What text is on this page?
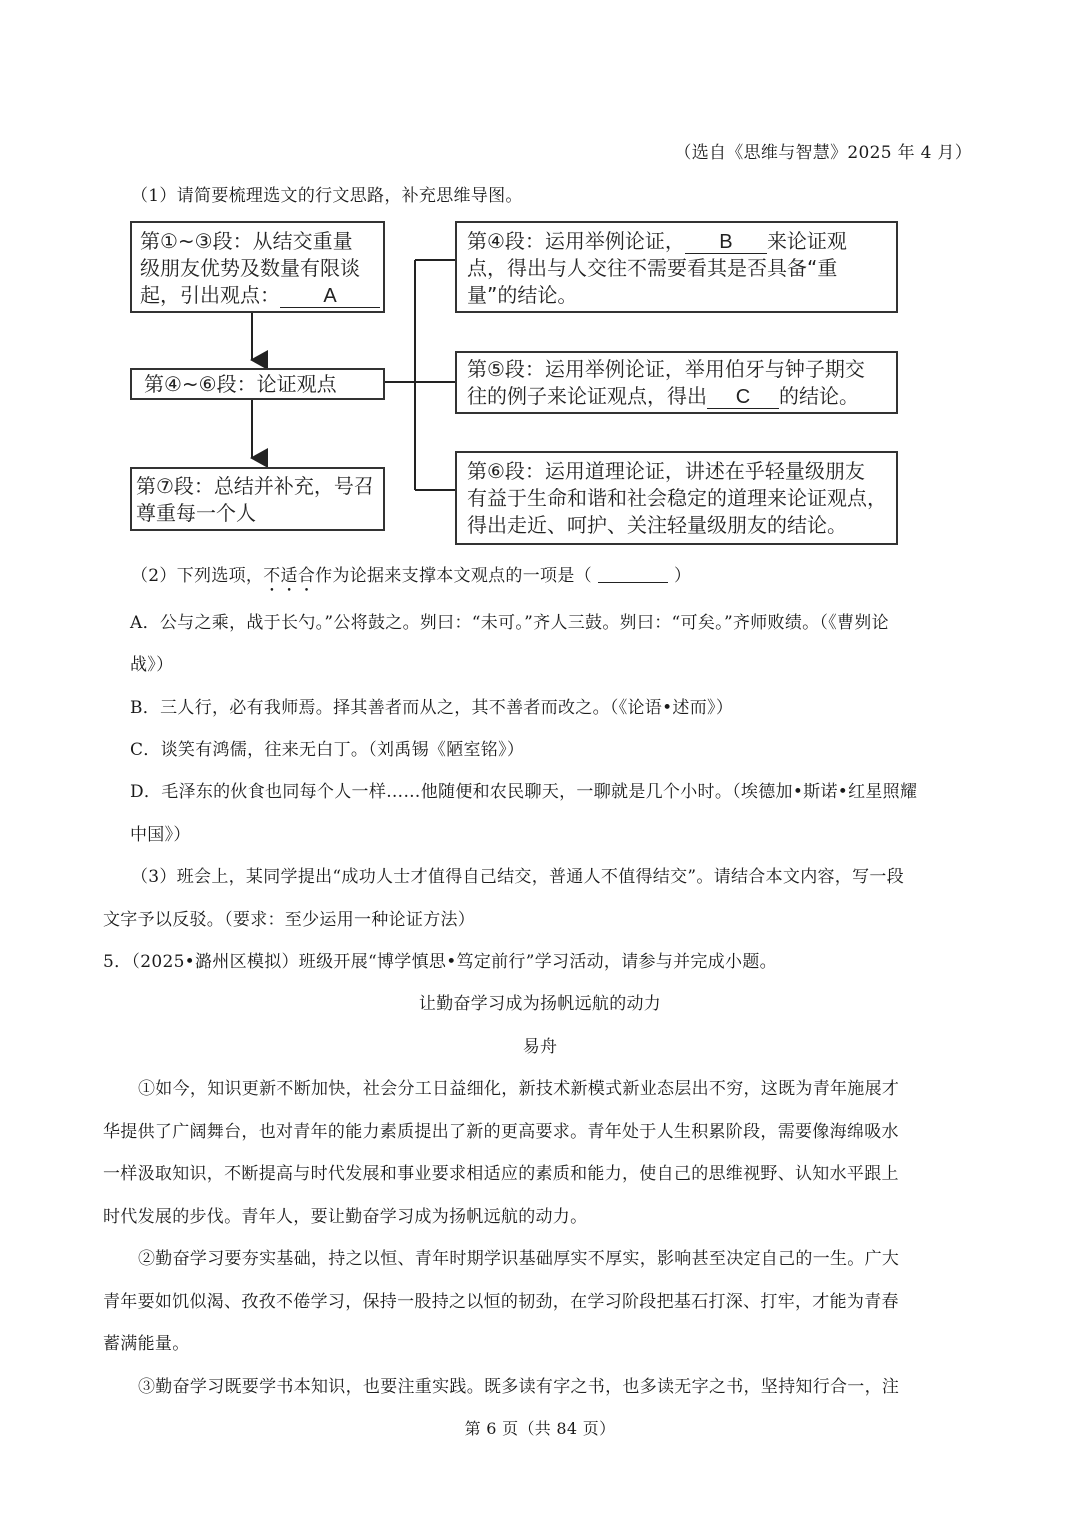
（选自《思维与智慧》2025 年 4 月）
（1）请简要梳理选文的行文思路，补充思维导图。
第①~③段：从结交重量
级朋友优势及数量有限谈
起，引出观点： A
第④~⑥段：论证观点
第⑦段：总结并补充，号召
尊重每一个人
第④段：运用举例论证， B 来论证观
点，得出与人交往不需要看其是否具备“重
量”的结论。
第⑤段：运用举例论证，举用伯牙与钟子期交
往的例子来论证观点，得出 C 的结论。
第⑥段：运用道理论证，讲述在乎轻量级朋友
有益于生命和谐和社会稳定的道理来论证观点，
得出走近、呵护、关注轻量级朋友的结论。
（2）下列选项，不适合作为论据来支撑本文观点的一项是（	）
A．公与之乘，战于长勺。”公将鼓之。刿曰：“未可。”齐人三鼓。刿曰：“可矣。”齐师败绩。（《曹刿论
战》）
B．三人行，必有我师焉。择其善者而从之，其不善者而改之。（《论语•述而》）
C．谈笑有鸿儒，往来无白丁。（刘禹锡《陋室铭》）
D．毛泽东的伙食也同每个人一样……他随便和农民聊天，一聊就是几个小时。（埃德加•斯诺•红星照耀
中国》）
（3）班会上，某同学提出“成功人士才值得自己结交，普通人不值得结交”。请结合本文内容，写一段
文字予以反驳。（要求：至少运用一种论证方法）
5．（2025•潞州区模拟）班级开展“博学慎思•笃定前行”学习活动，请参与并完成小题。
让勤奋学习成为扬帆远航的动力
易舟
①如今，知识更新不断加快，社会分工日益细化，新技术新模式新业态层出不穷，这既为青年施展才
华提供了广阔舞台，也对青年的能力素质提出了新的更高要求。青年处于人生积累阶段，需要像海绵吸水
一样汲取知识，不断提高与时代发展和事业要求相适应的素质和能力，使自己的思维视野、认知水平跟上
时代发展的步伐。青年人，要让勤奋学习成为扬帆远航的动力。
②勤奋学习要夯实基础，持之以恒、青年时期学识基础厚实不厚实，影响甚至决定自己的一生。广大
青年要如饥似渴、孜孜不倦学习，保持一股持之以恒的韧劲，在学习阶段把基石打深、打牢，才能为青春
蓄满能量。
③勤奋学习既要学书本知识，也要注重实践。既多读有字之书，也多读无字之书，坚持知行合一，注
第 6 页（共 84 页）
